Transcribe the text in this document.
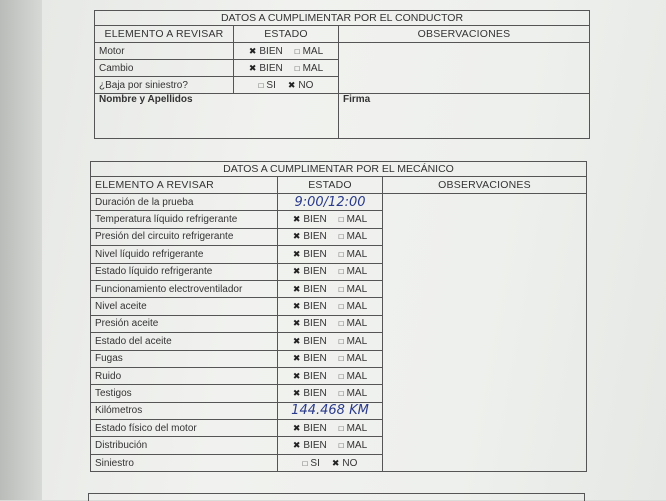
DATOS A CUMPLIMENTAR POR EL CONDUCTOR		
ELEMENTO A REVISAR	ESTADO	OBSERVACIONES
Motor	✖ BIEN □ MAL	
Cambio	✖ BIEN □ MAL	
¿Baja por siniestro?	□ SI ✖ NO	
Nombre y Apellidos		Firma
DATOS A CUMPLIMENTAR POR EL MECÁNICO		
ELEMENTO A REVISAR	ESTADO	OBSERVACIONES
Duración de la prueba	9:00/12:00	
Temperatura líquido refrigerante	✖ BIEN □ MAL	
Presión del circuito refrigerante	✖ BIEN □ MAL	
Nivel líquido refrigerante	✖ BIEN □ MAL	
Estado líquido refrigerante	✖ BIEN □ MAL	
Funcionamiento electroventilador	✖ BIEN □ MAL	
Nivel aceite	✖ BIEN □ MAL	
Presión aceite	✖ BIEN □ MAL	
Estado del aceite	✖ BIEN □ MAL	
Fugas	✖ BIEN □ MAL	
Ruido	✖ BIEN □ MAL	
Testigos	✖ BIEN □ MAL	
Kilómetros	144.468 KM	
Estado físico del motor	✖ BIEN □ MAL	
Distribución	✖ BIEN □ MAL	
Siniestro	□ SI ✖ NO	
